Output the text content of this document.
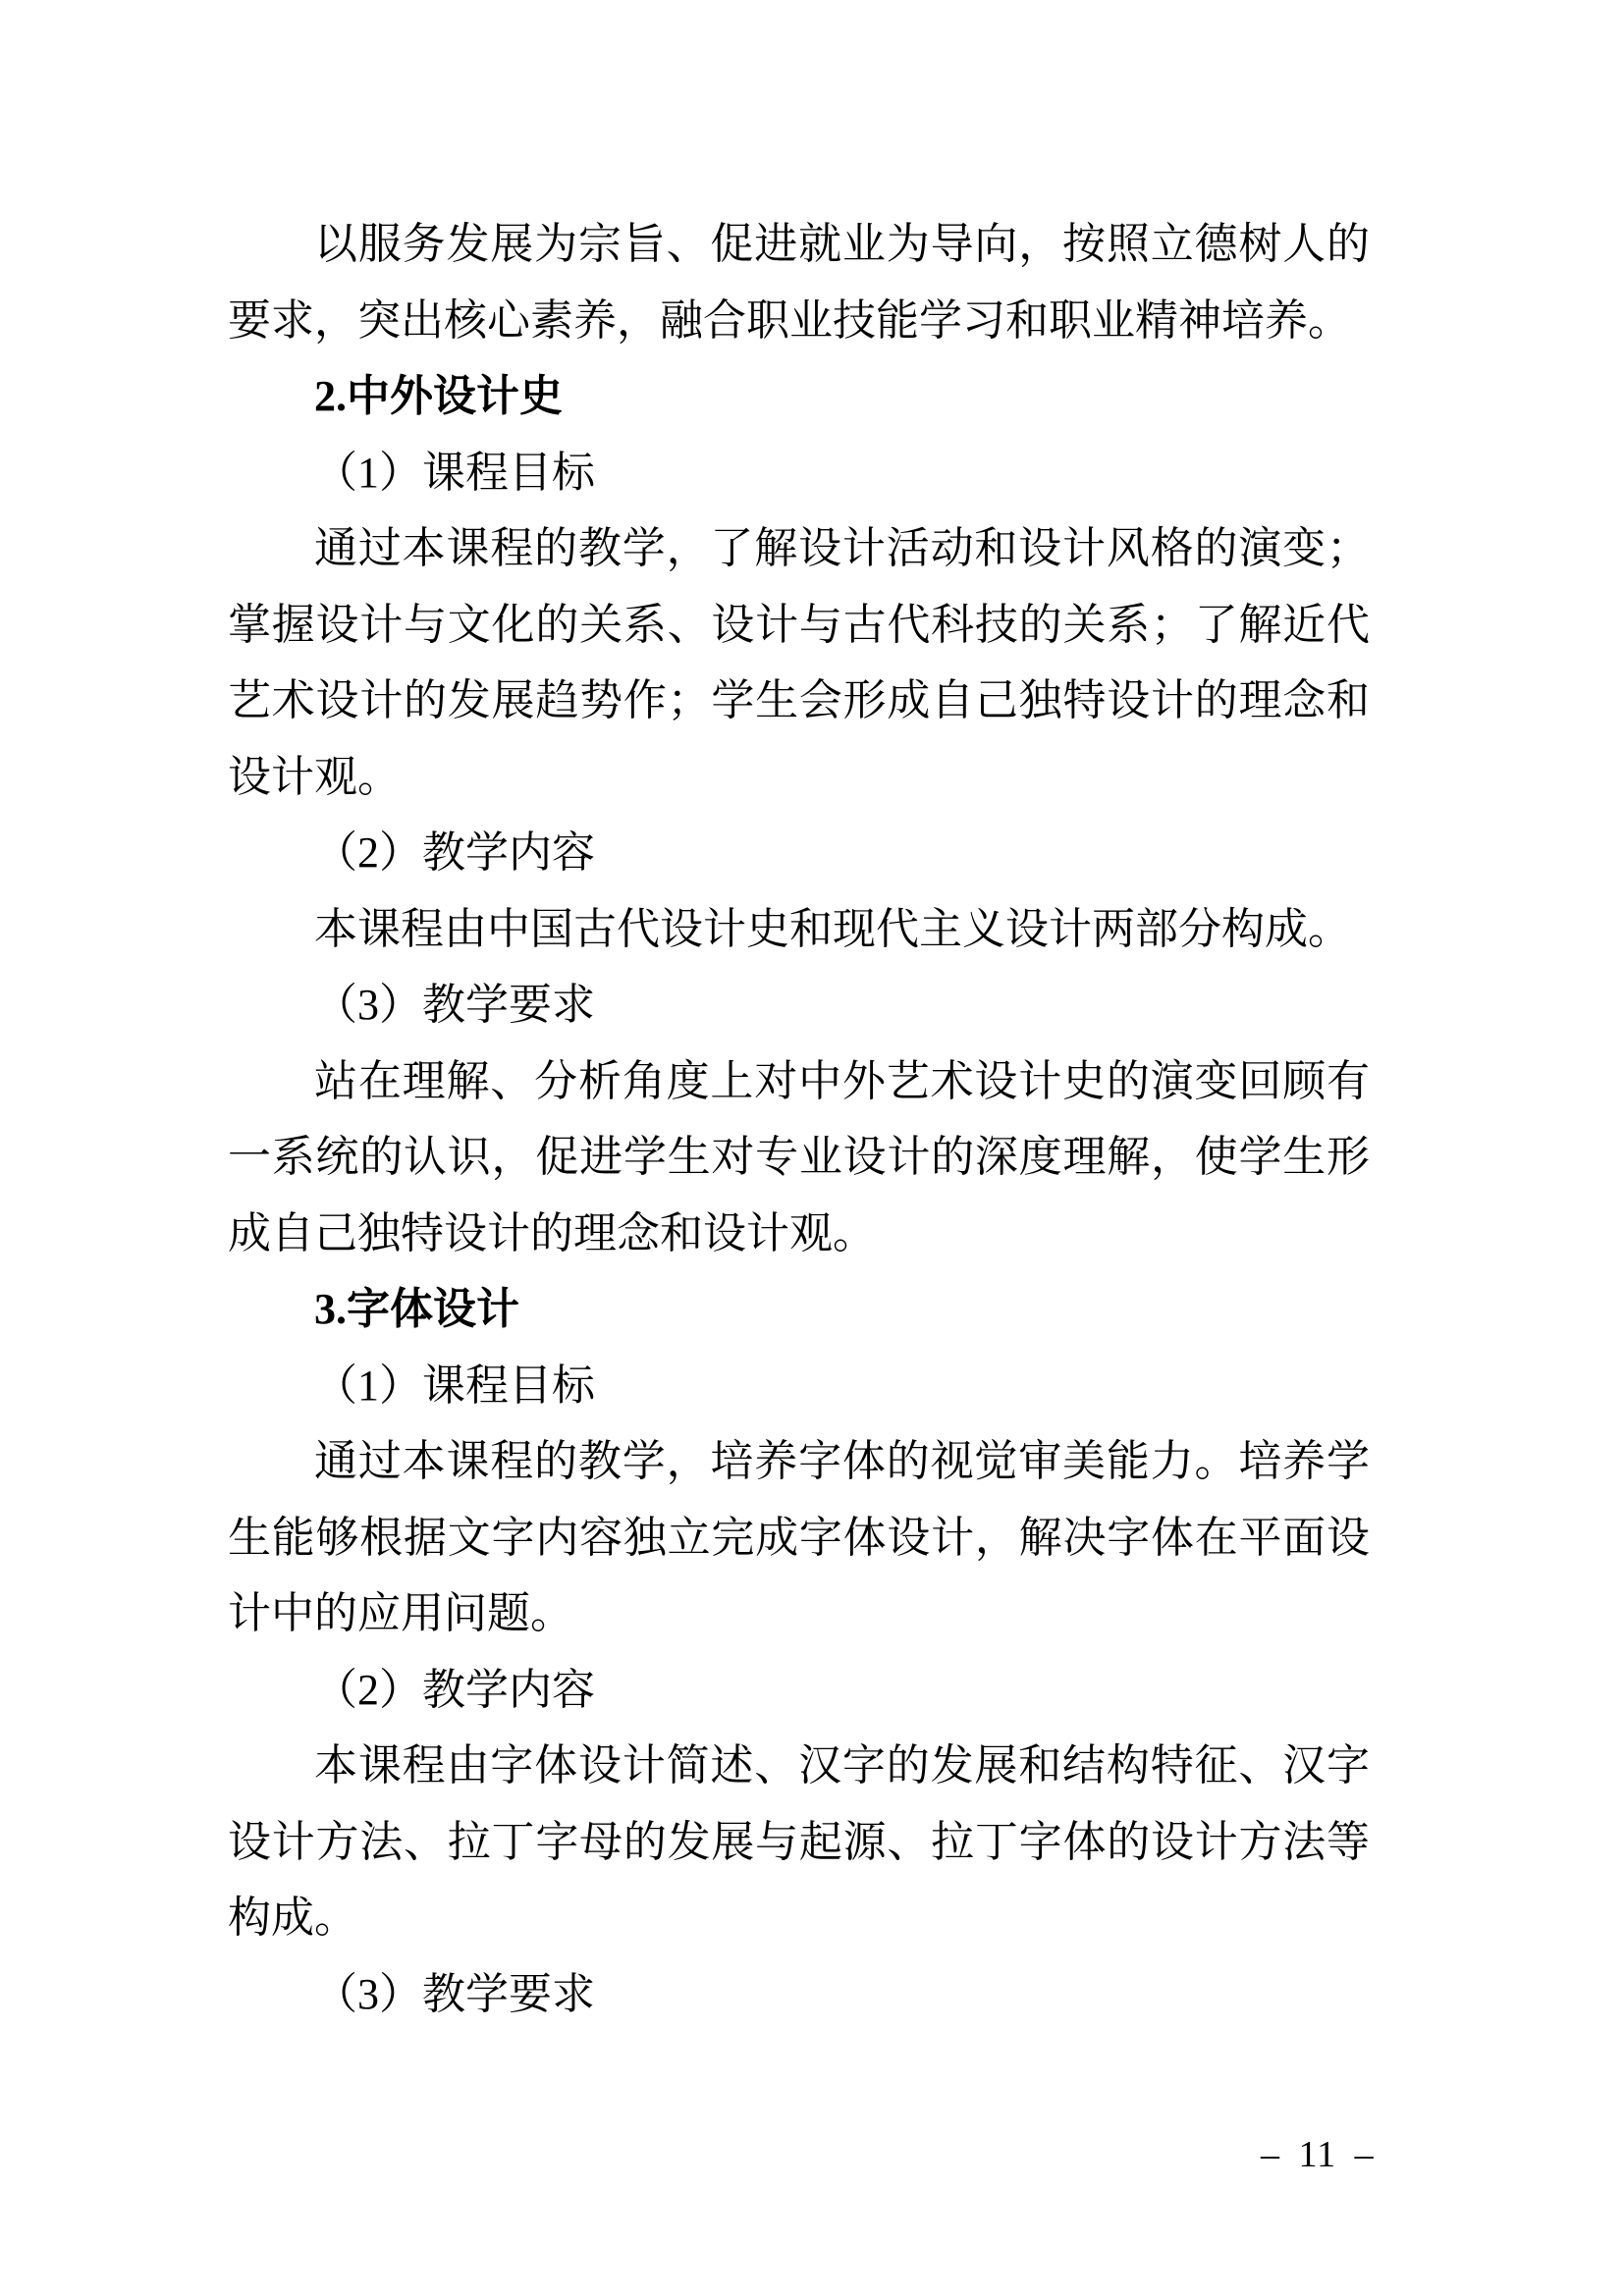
以服务发展为宗旨、促进就业为导向，按照立德树人的要求，突出核心素养，融合职业技能学习和职业精神培养。

2.中外设计史

（1）课程目标

通过本课程的教学，了解设计活动和设计风格的演变；掌握设计与文化的关系、设计与古代科技的关系；了解近代艺术设计的发展趋势作；学生会形成自己独特设计的理念和设计观。

（2）教学内容

本课程由中国古代设计史和现代主义设计两部分构成。

（3）教学要求

站在理解、分析角度上对中外艺术设计史的演变回顾有一系统的认识，促进学生对专业设计的深度理解，使学生形成自己独特设计的理念和设计观。

3.字体设计

（1）课程目标

通过本课程的教学，培养字体的视觉审美能力。培养学生能够根据文字内容独立完成字体设计，解决字体在平面设计中的应用问题。

（2）教学内容

本课程由字体设计简述、汉字的发展和结构特征、汉字设计方法、拉丁字母的发展与起源、拉丁字体的设计方法等构成。

（3）教学要求

– 11 –
